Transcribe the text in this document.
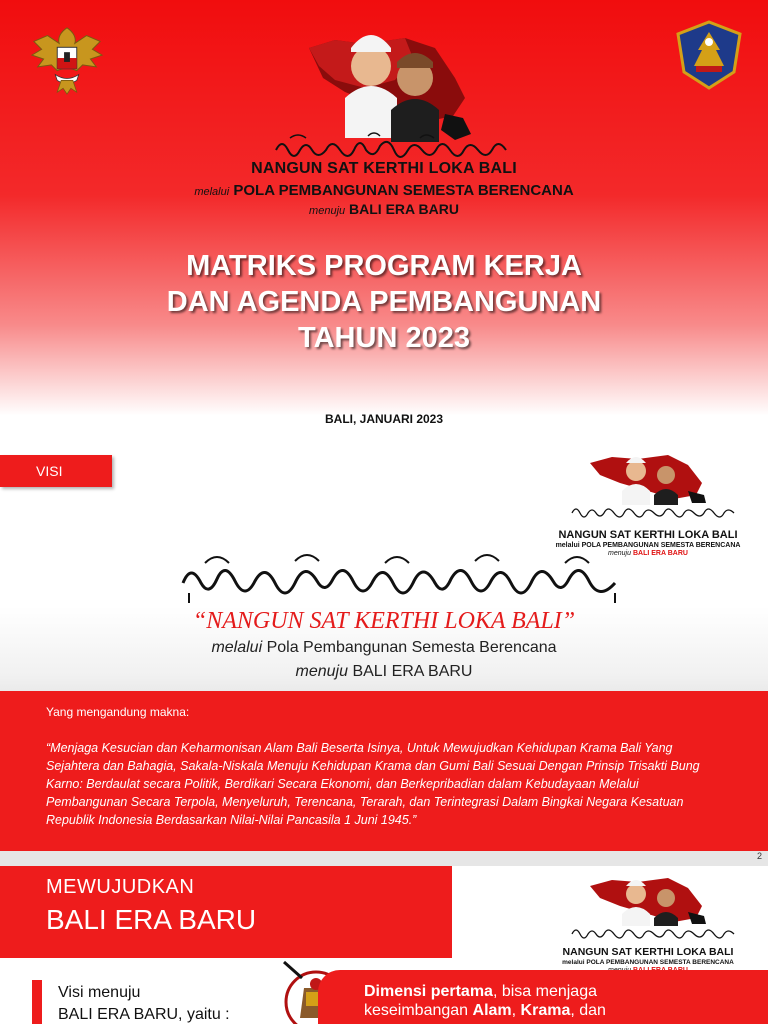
NANGUN SAT KERTHI LOKA BALI
melalui POLA PEMBANGUNAN SEMESTA BERENCANA
menuju BALI ERA BARU
MATRIKS PROGRAM KERJA
DAN AGENDA PEMBANGUNAN
TAHUN 2023
BALI, JANUARI 2023
VISI
NANGUN SAT KERTHI LOKA BALI
melalui POLA PEMBANGUNAN SEMESTA BERENCANA
menuju BALI ERA BARU
“NANGUN SAT KERTHI LOKA BALI”
melalui Pola Pembangunan Semesta Berencana
menuju BALI ERA BARU
Yang mengandung makna:
“Menjaga Kesucian dan Keharmonisan Alam Bali Beserta Isinya, Untuk Mewujudkan Kehidupan Krama Bali Yang Sejahtera dan Bahagia, Sakala-Niskala Menuju Kehidupan Krama dan Gumi Bali Sesuai Dengan Prinsip Trisakti Bung Karno: Berdaulat secara Politik, Berdikari Secara Ekonomi, dan Berkepribadian dalam Kebudayaan Melalui Pembangunan Secara Terpola, Menyeluruh, Terencana, Terarah, dan Terintegrasi Dalam Bingkai Negara Kesatuan Republik Indonesia Berdasarkan Nilai-Nilai Pancasila 1 Juni 1945.”
2
MEWUJUDKAN
BALI ERA BARU
NANGUN SAT KERTHI LOKA BALI
melalui POLA PEMBANGUNAN SEMESTA BERENCANA
Visi menuju
BALI ERA BARU, yaitu :
Dimensi pertama, bisa menjaga
keseimbangan Alam, Krama, dan
